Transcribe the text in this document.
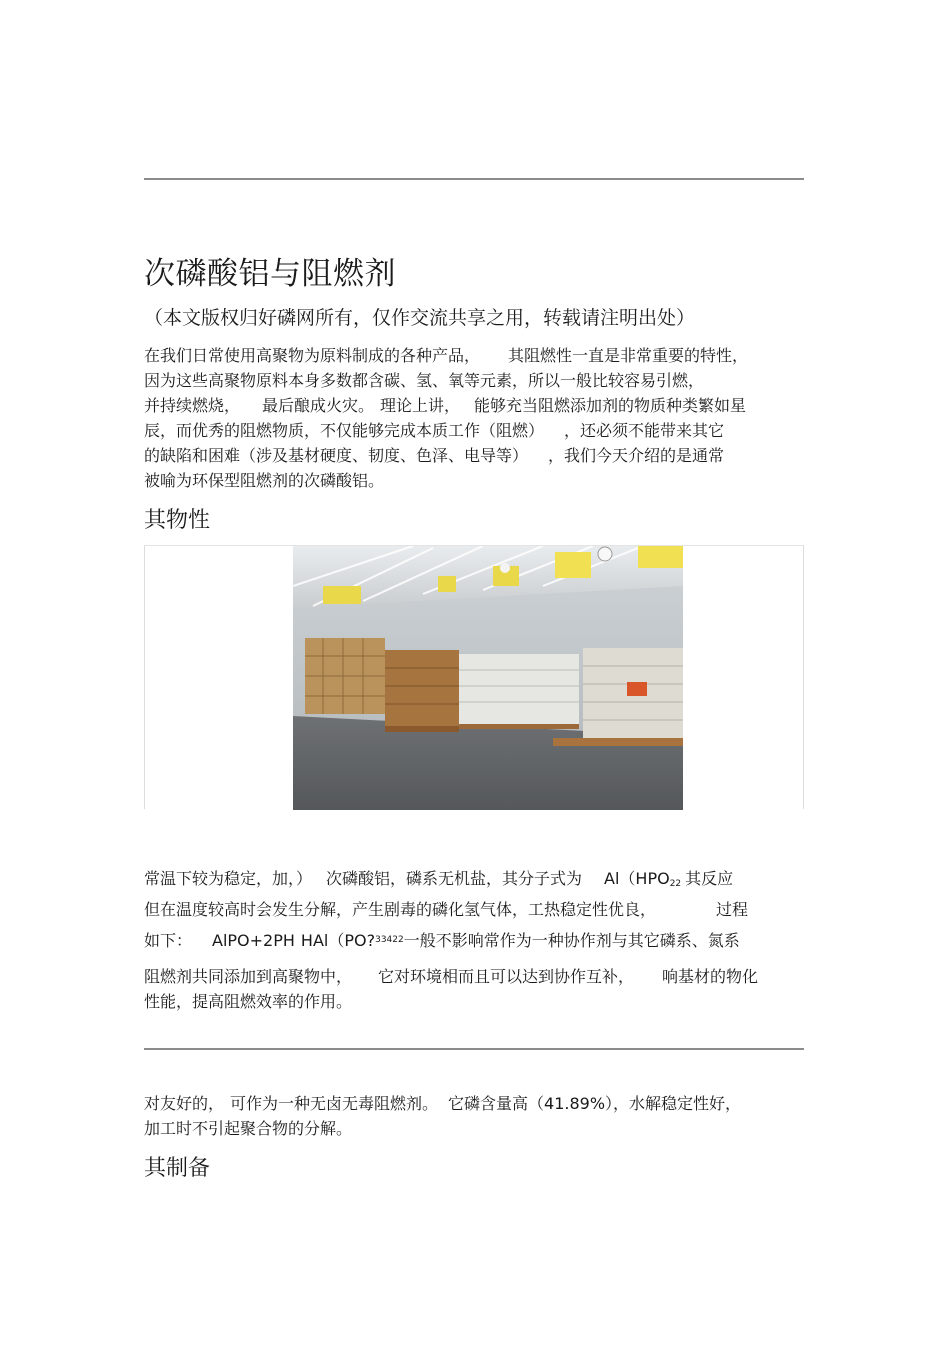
次磷酸铝与阻燃剂

（本文版权归好磷网所有，仅作交流共享之用，转载请注明出处）

在我们日常使用高聚物为原料制成的各种产品， 其阻燃性一直是非常重要的特性，
因为这些高聚物原料本身多数都含碳、氢、氧等元素，所以一般比较容易引燃，
并持续燃烧， 最后酿成火灾。 理论上讲， 能够充当阻燃添加剂的物质种类繁如星
辰，而优秀的阻燃物质，不仅能够完成本质工作（阻燃） ，还必须不能带来其它
的缺陷和困难（涉及基材硬度、韧度、色泽、电导等） ，我们今天介绍的是通常
被喻为环保型阻燃剂的次磷酸铝。
其物性
常温下较为稳定，加，） 次磷酸铝，磷系无机盐，其分子式为 $Al(HPO_{22}$ 其反应
但在温度较高时会发生分解，产生剧毒的磷化氢气体，工热稳定性优良，	过程
如下： AlPO+2PH HAl（PO?$^{33422}$一般不影响常作为一种协作剂与其它磷系、氮系
阻燃剂共同添加到高聚物中， 它对环境相而且可以达到协作互补， 响基材的物化
性能，提高阻燃效率的作用。
对友好的， 可作为一种无卤无毒阻燃剂。 它磷含量高（41.89%），水解稳定性好，
加工时不引起聚合物的分解。
其制备
